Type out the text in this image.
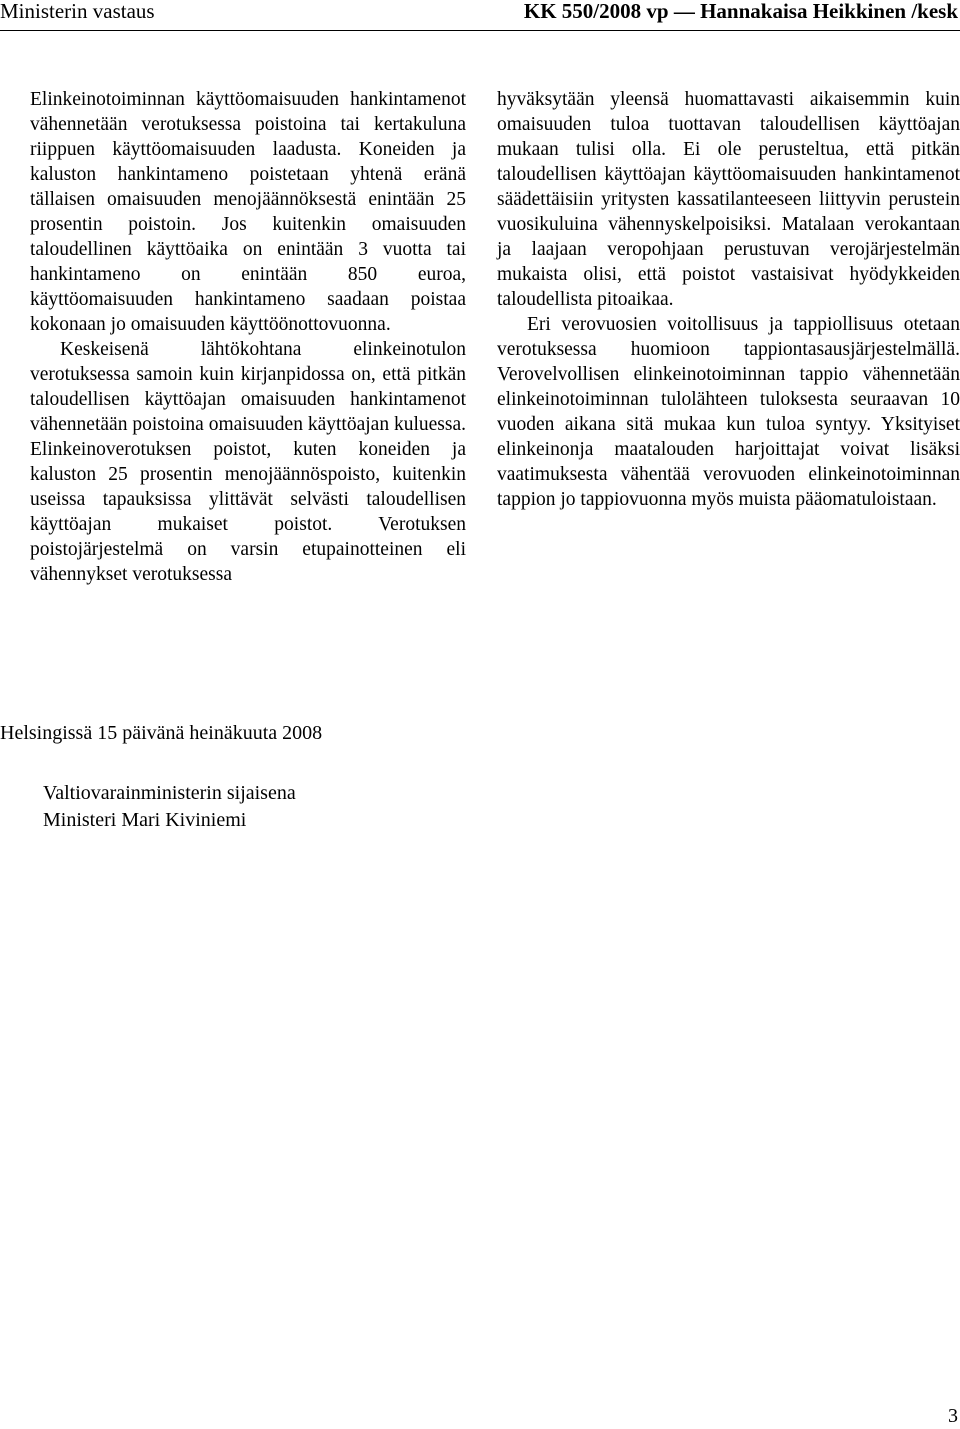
Ministerin vastaus	KK 550/2008 vp — Hannakaisa Heikkinen /kesk

Elinkeinotoiminnan käyttöomaisuuden hankintamenot vähennetään verotuksessa poistoina tai kertakuluna riippuen käyttöomaisuuden laadusta. Koneiden ja kaluston hankintameno poistetaan yhtenä eränä tällaisen omaisuuden menojäännöksestä enintään 25 prosentin poistoin. Jos kuitenkin omaisuuden taloudellinen käyttöaika on enintään 3 vuotta tai hankintameno on enintään 850 euroa, käyttöomaisuuden hankintameno saadaan poistaa kokonaan jo omaisuuden käyttöönottovuonna.

Keskeisenä lähtökohtana elinkeinotulon verotuksessa samoin kuin kirjanpidossa on, että pitkän taloudellisen käyttöajan omaisuuden hankintamenot vähennetään poistoina omaisuuden käyttöajan kuluessa. Elinkeinoverotuksen poistot, kuten koneiden ja kaluston 25 prosentin menojäännöspoisto, kuitenkin useissa tapauksissa ylittävät selvästi taloudellisen käyttöajan mukaiset poistot. Verotuksen poistojärjestelmä on varsin etupainotteinen eli vähennykset verotuksessa

hyväksytään yleensä huomattavasti aikaisemmin kuin omaisuuden tuloa tuottavan taloudellisen käyttöajan mukaan tulisi olla. Ei ole perusteltua, että pitkän taloudellisen käyttöajan käyttöomaisuuden hankintamenot säädettäisiin yritysten kassatilanteeseen liittyvin perustein vuosikuluina vähennyskelpoisiksi. Matalaan verokantaan ja laajaan veropohjaan perustuvan verojärjestelmän mukaista olisi, että poistot vastaisivat hyödykkeiden taloudellista pitoaikaa.

Eri verovuosien voitollisuus ja tappiollisuus otetaan verotuksessa huomioon tappiontasausjärjestelmällä. Verovelvollisen elinkeinotoiminnan tappio vähennetään elinkeinotoiminnan tulolähteen tuloksesta seuraavan 10 vuoden aikana sitä mukaa kun tuloa syntyy. Yksityiset elinkeinonja maatalouden harjoittajat voivat lisäksi vaatimuksesta vähentää verovuoden elinkeinotoiminnan tappion jo tappiovuonna myös muista pääomatuloistaan.

Helsingissä 15 päivänä heinäkuuta 2008
Valtiovarainministerin sijaisena
Ministeri Mari Kiviniemi
3
